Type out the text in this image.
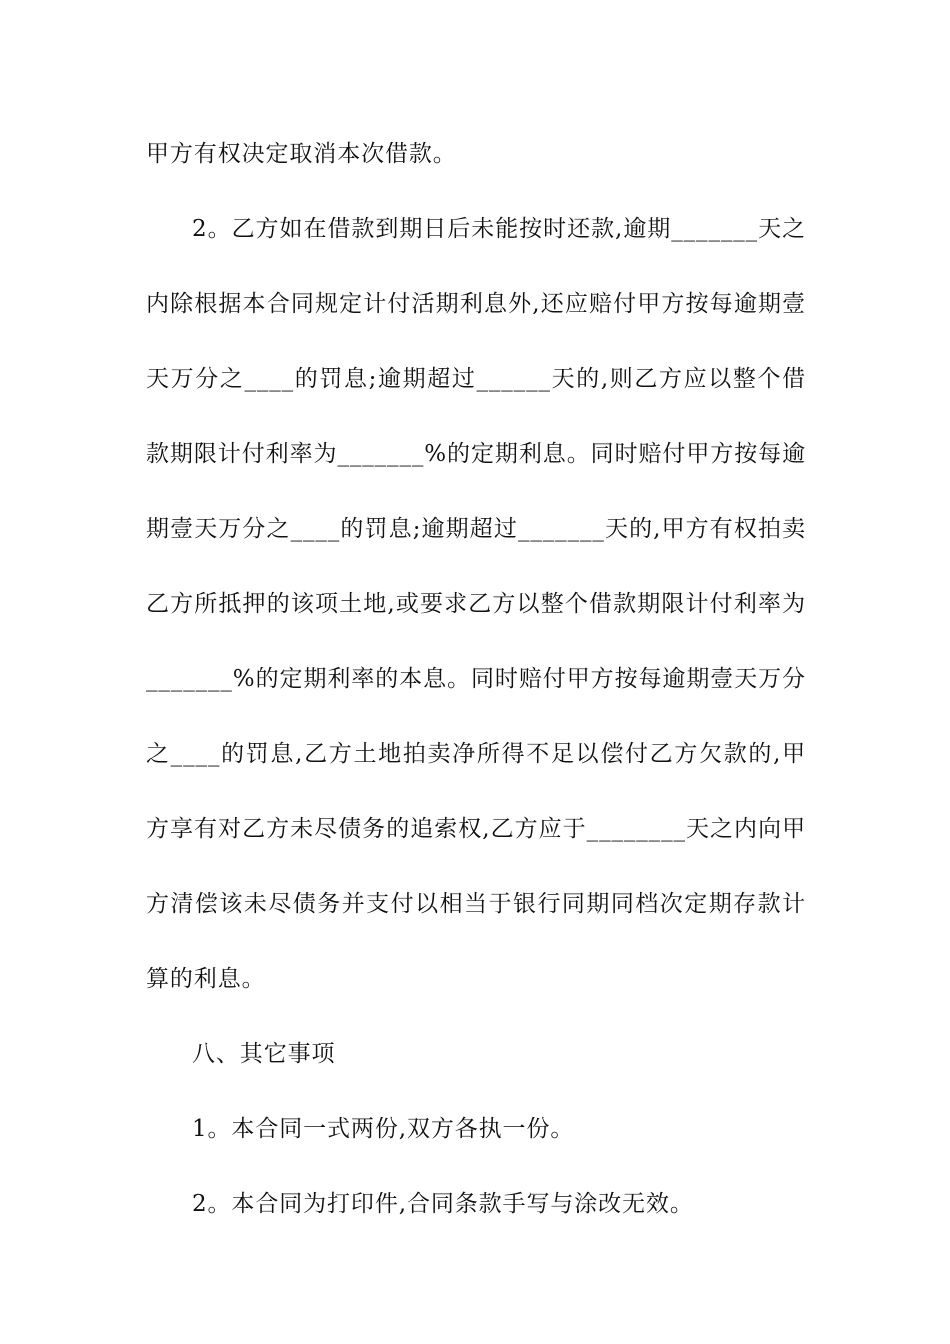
甲方有权决定取消本次借款。
2。乙方如在借款到期日后未能按时还款,逾期_______天之
内除根据本合同规定计付活期利息外,还应赔付甲方按每逾期壹
天万分之____的罚息;逾期超过______天的,则乙方应以整个借
款期限计付利率为_______%的定期利息。同时赔付甲方按每逾
期壹天万分之____的罚息;逾期超过_______天的,甲方有权拍卖
乙方所抵押的该项土地,或要求乙方以整个借款期限计付利率为
_______%的定期利率的本息。同时赔付甲方按每逾期壹天万分
之____的罚息,乙方土地拍卖净所得不足以偿付乙方欠款的,甲
方享有对乙方未尽债务的追索权,乙方应于________天之内向甲
方清偿该未尽债务并支付以相当于银行同期同档次定期存款计
算的利息。
八、其它事项
1。本合同一式两份,双方各执一份。
2。本合同为打印件,合同条款手写与涂改无效。
